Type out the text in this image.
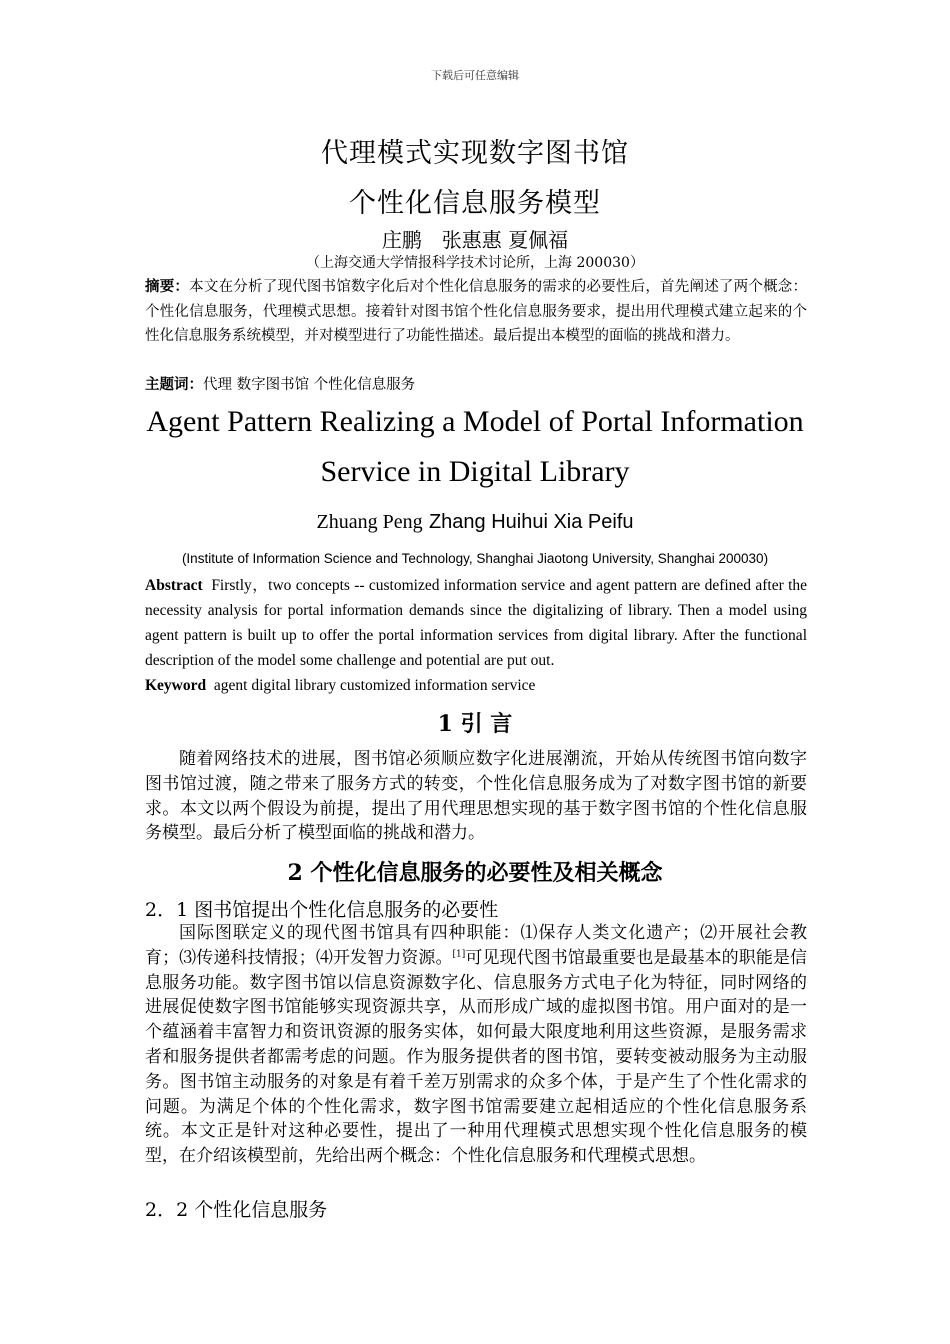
下载后可任意编辑
代理模式实现数字图书馆
个性化信息服务模型
庄鹏　张惠惠 夏佩福
（上海交通大学情报科学技术讨论所，上海 200030）
摘要：本文在分析了现代图书馆数字化后对个性化信息服务的需求的必要性后，首先阐述了两个概念：个性化信息服务，代理模式思想。接着针对图书馆个性化信息服务要求，提出用代理模式建立起来的个性化信息服务系统模型，并对模型进行了功能性描述。最后提出本模型的面临的挑战和潜力。
主题词：代理 数字图书馆 个性化信息服务
Agent Pattern Realizing a Model of Portal Information
Service in Digital Library
Zhuang Peng Zhang Huihui Xia Peifu
(Institute of Information Science and Technology, Shanghai Jiaotong University, Shanghai 200030)
Abstract Firstly，two concepts -- customized information service and agent pattern are defined after the necessity analysis for portal information demands since the digitalizing of library. Then a model using agent pattern is built up to offer the portal information services from digital library. After the functional description of the model some challenge and potential are put out.
Keyword agent digital library customized information service
1 引 言
随着网络技术的进展，图书馆必须顺应数字化进展潮流，开始从传统图书馆向数字图书馆过渡，随之带来了服务方式的转变，个性化信息服务成为了对数字图书馆的新要求。本文以两个假设为前提，提出了用代理思想实现的基于数字图书馆的个性化信息服务模型。最后分析了模型面临的挑战和潜力。
2 个性化信息服务的必要性及相关概念
2．1 图书馆提出个性化信息服务的必要性
国际图联定义的现代图书馆具有四种职能：⑴保存人类文化遗产；⑵开展社会教育；⑶传递科技情报；⑷开发智力资源。[1]可见现代图书馆最重要也是最基本的职能是信息服务功能。数字图书馆以信息资源数字化、信息服务方式电子化为特征，同时网络的进展促使数字图书馆能够实现资源共享，从而形成广域的虚拟图书馆。用户面对的是一个蕴涵着丰富智力和资讯资源的服务实体，如何最大限度地利用这些资源，是服务需求者和服务提供者都需考虑的问题。作为服务提供者的图书馆，要转变被动服务为主动服务。图书馆主动服务的对象是有着千差万别需求的众多个体，于是产生了个性化需求的问题。为满足个体的个性化需求，数字图书馆需要建立起相适应的个性化信息服务系统。本文正是针对这种必要性，提出了一种用代理模式思想实现个性化信息服务的模型，在介绍该模型前，先给出两个概念：个性化信息服务和代理模式思想。
2．2 个性化信息服务
